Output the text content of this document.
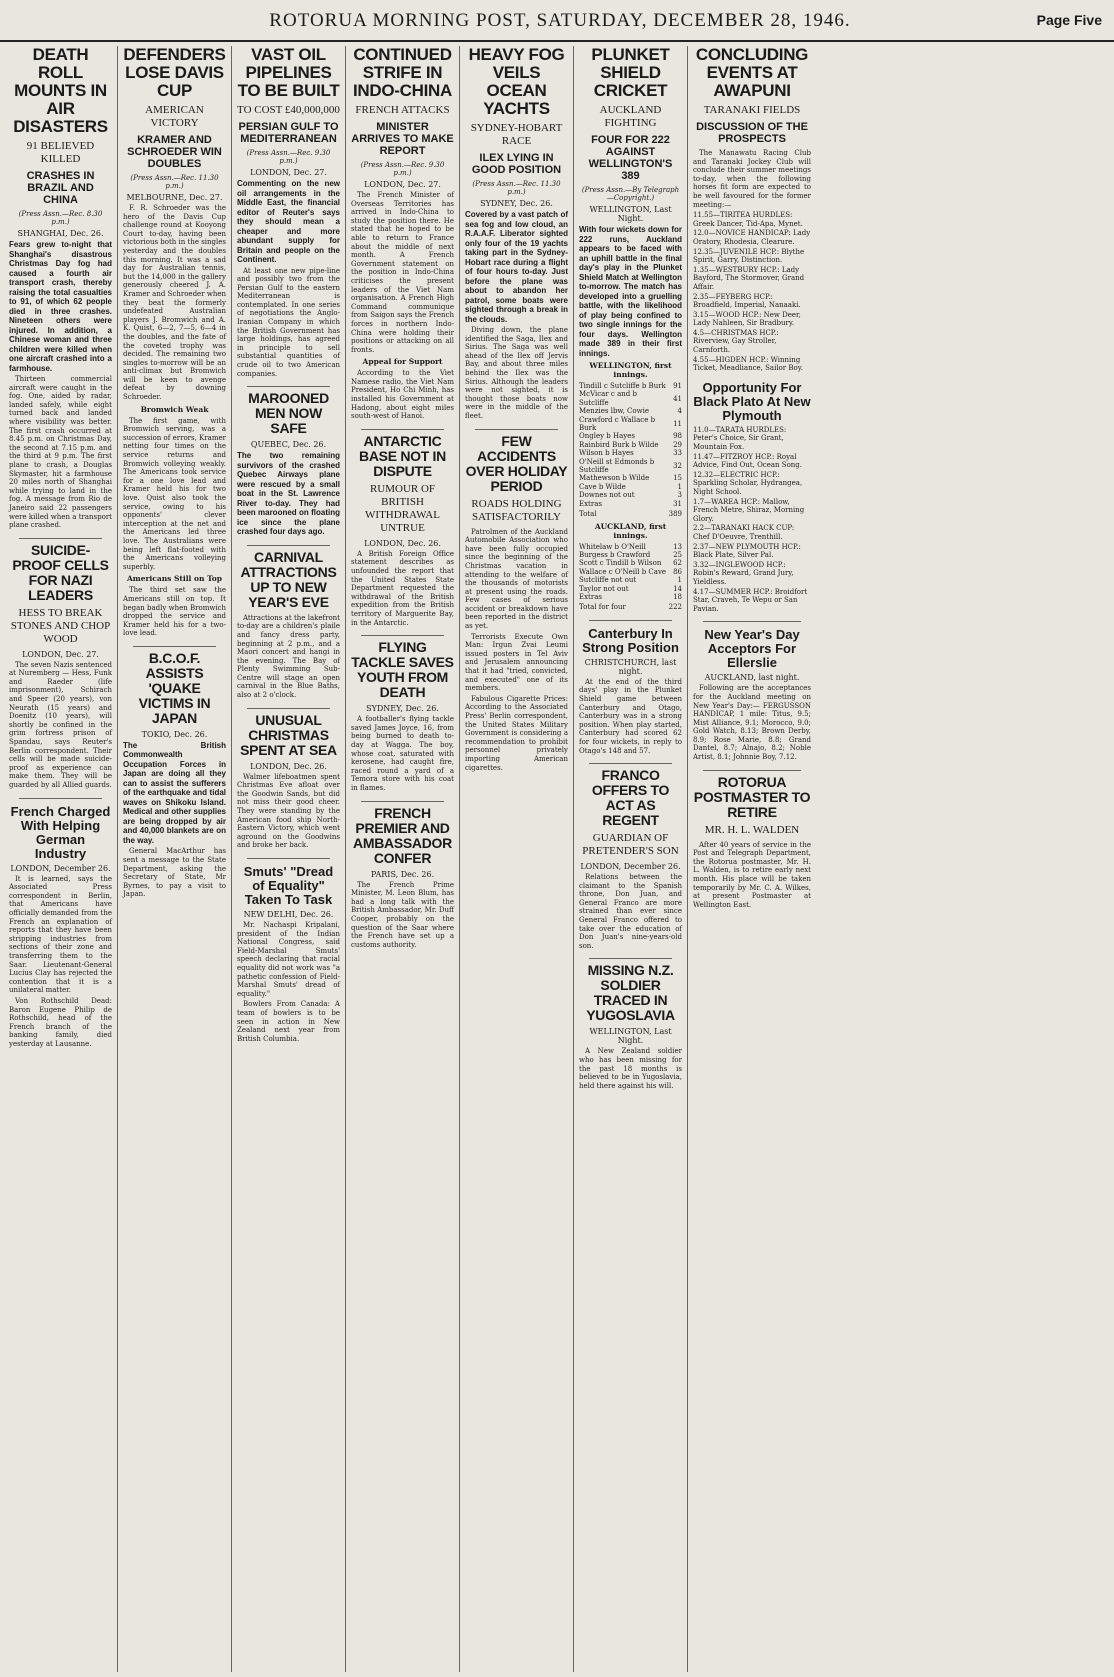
ROTORUA MORNING POST, SATURDAY, DECEMBER 28, 1946.	Page Five
DEATH ROLL MOUNTS IN AIR DISASTERS
91 BELIEVED KILLED
CRASHES IN BRAZIL AND CHINA
(Press Assn.—Rec. 8.30 p.m.)
SHANGHAI, Dec. 26.

Fears grew to-night that Shanghai's disastrous Christmas Day fog had caused a fourth air transport crash, thereby raising the total casualties to 91, of which 62 people died in three crashes. Nineteen others were injured. In addition, a Chinese woman and three children were killed when one aircraft crashed into a farmhouse.

Thirteen commercial aircraft were caught in the fog. One, aided by radar, landed safely, while eight turned back and landed where visibility was better. The first crash occurred at 8.45 p.m. on Christmas Day, the second at 7.15 p.m. and the third at 9 p.m. The first plane to crash, a Douglas Skymaster, hit a farmhouse 20 miles north of Shanghai while trying to land in the fog. A message from Rio de Janeiro said 22 passengers were killed when a transport plane crashed.

SUICIDE-PROOF CELLS FOR NAZI LEADERS
HESS TO BREAK STONES AND CHOP WOOD
LONDON, Dec. 27.

The seven Nazis sentenced at Nuremberg — Hess, Funk and Raeder (life imprisonment), Schirach and Speer (20 years), von Neurath (15 years) and Doenitz (10 years), will shortly be confined in the grim fortress prison of Spandau, says Reuter's Berlin correspondent. Their cells will be made suicide-proof as experience can make them. They will be guarded by all Allied guards.

French Charged With Helping German Industry
LONDON, December 26.

It is learned, says the Associated Press correspondent in Berlin, that Americans have officially demanded from the French an explanation of reports that they have been stripping industries from sections of their zone and transferring them to the Saar. Lieutenant-General Lucius Clay has rejected the contention that it is a unilateral matter.

Von Rothschild Dead: Baron Eugene Philip de Rothschild, head of the French branch of the banking family, died yesterday at Lausanne.

DEFENDERS LOSE DAVIS CUP
AMERICAN VICTORY
KRAMER AND SCHROEDER WIN DOUBLES
(Press Assn.—Rec. 11.30 p.m.)
MELBOURNE, Dec. 27.

F. R. Schroeder was the hero of the Davis Cup challenge round at Kooyong Court to-day, having been victorious both in the singles yesterday and the doubles this morning. It was a sad day for Australian tennis, but the 14,000 in the gallery generously cheered J. A. Kramer and Schroeder when they beat the formerly undefeated Australian players J. Bromwich and A. K. Quist, 6—2, 7—5, 6—4 in the doubles, and the fate of the coveted trophy was decided. The remaining two singles to-morrow will be an anti-climax but Bromwich will be keen to avenge defeat by downing Schroeder.

Bromwich Weak

The first game, with Bromwich serving, was a succession of errors, Kramer netting four times on the service returns and Bromwich volleying weakly. The Americans took service for a one love lead and Kramer held his for two love. Quist also took the service, owing to his opponents' clever interception at the net and the Americans led three love. The Australians were being left flat-footed with the Americans volleying superbly.

Americans Still on Top

The third set saw the Americans still on top. It began badly when Bromwich dropped the service and Kramer held his for a two-love lead.

B.C.O.F. ASSISTS 'QUAKE VICTIMS IN JAPAN
TOKIO, Dec. 26.

The British Commonwealth Occupation Forces in Japan are doing all they can to assist the sufferers of the earthquake and tidal waves on Shikoku Island. Medical and other supplies are being dropped by air and 40,000 blankets are on the way.

General MacArthur has sent a message to the State Department, asking the Secretary of State, Mr Byrnes, to pay a visit to Japan.

VAST OIL PIPELINES TO BE BUILT
TO COST £40,000,000
PERSIAN GULF TO MEDITERRANEAN
(Press Assn.—Rec. 9.30 p.m.)
LONDON, Dec. 27.

Commenting on the new oil arrangements in the Middle East, the financial editor of Reuter's says they should mean a cheaper and more abundant supply for Britain and people on the Continent.

At least one new pipe-line and possibly two from the Persian Gulf to the eastern Mediterranean is contemplated. In one series of negotiations the Anglo-Iranian Company in which the British Government has large holdings, has agreed in principle to sell substantial quantities of crude oil to two American companies.

MAROONED MEN NOW SAFE
QUEBEC, Dec. 26.

The two remaining survivors of the crashed Quebec Airways plane were rescued by a small boat in the St. Lawrence River to-day. They had been marooned on floating ice since the plane crashed four days ago.

CARNIVAL ATTRACTIONS UP TO NEW YEAR'S EVE

Attractions at the lakefront to-day are a children's plaile and fancy dress party, beginning at 2 p.m., and a Maori concert and hangi in the evening. The Bay of Plenty Swimming Sub-Centre will stage an open carnival in the Blue Baths, also at 2 o'clock.

UNUSUAL CHRISTMAS SPENT AT SEA
LONDON, Dec. 26.

Walmer lifeboatmen spent Christmas Eve afloat over the Goodwin Sands, but did not miss their good cheer. They were standing by the American food ship North-Eastern Victory, which went aground on the Goodwins and broke her back.

Smuts' "Dread of Equality" Taken To Task
NEW DELHI, Dec. 26.

Mr. Nachaspi Kripalani, president of the Indian National Congress, said Field-Marshal Smuts' speech declaring that racial equality did not work was "a pathetic confession of Field-Marshal Smuts' dread of equality."

Bowlers From Canada: A team of bowlers is to be seen in action in New Zealand next year from British Columbia.

CONTINUED STRIFE IN INDO-CHINA
FRENCH ATTACKS
MINISTER ARRIVES TO MAKE REPORT
(Press Assn.—Rec. 9.30 p.m.)
LONDON, Dec. 27.

The French Minister of Overseas Territories has arrived in Indo-China to study the position there. He stated that he hoped to be able to return to France about the middle of next month. A French Government statement on the position in Indo-China criticises the present leaders of the Viet Nam organisation. A French High Command communique from Saigon says the French forces in northern Indo-China were holding their positions or attacking on all fronts.

Appeal for Support

According to the Viet Namese radio, the Viet Nam President, Ho Chi Minh, has installed his Government at Hadong, about eight miles south-west of Hanoi.

ANTARCTIC BASE NOT IN DISPUTE
RUMOUR OF BRITISH WITHDRAWAL UNTRUE
LONDON, Dec. 26.

A British Foreign Office statement describes as unfounded the report that the United States State Department requested the withdrawal of the British expedition from the British territory of Marguerite Bay, in the Antarctic.

FLYING TACKLE SAVES YOUTH FROM DEATH
SYDNEY, Dec. 26.

A footballer's flying tackle saved James Joyce, 16, from being burned to death to-day at Wagga. The boy, whose coat, saturated with kerosene, had caught fire, raced round a yard of a Temora store with his coat in flames.

FRENCH PREMIER AND AMBASSADOR CONFER
PARIS, Dec. 26.

The French Prime Minister, M. Leon Blum, has had a long talk with the British Ambassador, Mr. Duff Cooper, probably on the question of the Saar where the French have set up a customs authority.

HEAVY FOG VEILS OCEAN YACHTS
SYDNEY-HOBART RACE
ILEX LYING IN GOOD POSITION
(Press Assn.—Rec. 11.30 p.m.)
SYDNEY, Dec. 26.

Covered by a vast patch of sea fog and low cloud, an R.A.A.F. Liberator sighted only four of the 19 yachts taking part in the Sydney-Hobart race during a flight of four hours to-day. Just before the plane was about to abandon her patrol, some boats were sighted through a break in the clouds.

Diving down, the plane identified the Saga, Ilex and Sirius. The Saga was well ahead of the Ilex off Jervis Bay, and about three miles behind the Ilex was the Sirius. Although the leaders were not sighted, it is thought those boats now were in the middle of the fleet.

FEW ACCIDENTS OVER HOLIDAY PERIOD
ROADS HOLDING SATISFACTORILY

Patrolmen of the Auckland Automobile Association who have been fully occupied since the beginning of the Christmas vacation in attending to the welfare of the thousands of motorists at present using the roads. Few cases of serious accident or breakdown have been reported in the district as yet.

Terrorists Execute Own Man: Irgun Zvai Leumi issued posters in Tel Aviv and Jerusalem announcing that it had "tried, convicted, and executed" one of its members.

Fabulous Cigarette Prices: According to the Associated Press' Berlin correspondent, the United States Military Government is considering a recommendation to prohibit personnel privately importing American cigarettes.

PLUNKET SHIELD CRICKET
AUCKLAND FIGHTING
FOUR FOR 222 AGAINST WELLINGTON'S 389
(Press Assn.—By Telegraph—Copyright.)
WELLINGTON, Last Night.

With four wickets down for 222 runs, Auckland appears to be faced with an uphill battle in the final day's play in the Plunket Shield Match at Wellington to-morrow. The match has developed into a gruelling battle, with the likelihood of play being confined to two single innings for the four days. Wellington made 389 in their first innings.

WELLINGTON, first innings.
Tindill c Sutcliffe b Burk	91
McVicar c and b Sutcliffe	41
Menzies lbw, Cowie	4
Crawford c Wallace b Burk	11
Ongley b Hayes	98
Rainbird Burk b Wilde	29
Wilson b Hayes	33
O'Neill st Edmonds b Sutcliffe	32
Mathewson b Wilde	15
Cave b Wilde	1
Downes not out	3
Extras	31
Total	389
AUCKLAND, first innings.
Whitelaw b O'Neill	13
Burgess b Crawford	25
Scott c Tindill b Wilson	62
Wallace c O'Neill b Cave	86
Sutcliffe not out	1
Taylor not out	14
Extras	18
Total for four	222
Canterbury In Strong Position
CHRISTCHURCH, last night.

At the end of the third days' play in the Plunket Shield game between Canterbury and Otago, Canterbury was in a strong position. When play started, Canterbury had scored 62 for four wickets, in reply to Otago's 148 and 57.

FRANCO OFFERS TO ACT AS REGENT
GUARDIAN OF PRETENDER'S SON
LONDON, December 26.

Relations between the claimant to the Spanish throne, Don Juan, and General Franco are more strained than ever since General Franco offered to take over the education of Don Juan's nine-years-old son.

MISSING N.Z. SOLDIER TRACED IN YUGOSLAVIA
WELLINGTON, Last Night.

A New Zealand soldier who has been missing for the past 18 months is believed to be in Yugoslavia, held there against his will.

CONCLUDING EVENTS AT AWAPUNI
TARANAKI FIELDS
DISCUSSION OF THE PROSPECTS

The Manawatu Racing Club and Taranaki Jockey Club will conclude their summer meetings to-day, when the following horses fit form are expected to be well favoured for the former meeting:—

11.55—TIRITEA HURDLES: Greek Dancer, Tid-Apa, Mynet.
12.0—NOVICE HANDICAP: Lady Oratory, Rhodesia, Clearure.
12.35—JUVENILE HCP.: Blythe Spirit, Garry, Distinction.
1.35—WESTBURY HCP.: Lady Bayford, The Stormover, Grand Affair.
2.35—FEYBERG HCP.: Broadfield, Imperial, Nanaaki.
3.15—WOOD HCP.: New Deer, Lady Nahleen, Sir Bradbury.
4.5—CHRISTMAS HCP.: Riverview, Gay Stroller, Carnforth.
4.55—HIGDEN HCP.: Winning Ticket, Meadliance, Sailor Boy.
Opportunity For Black Plato At New Plymouth
11.0—TARATA HURDLES: Peter's Choice, Sir Grant, Mountain Fox.
11.47—FITZROY HCP.: Royal Advice, Find Out, Ocean Song.
12.32—ELECTRIC HCP.: Sparkling Scholar, Hydrangea, Night School.
1.7—WAREA HCP.: Mallow, French Metre, Shiraz, Morning Glory.
2.2—TARANAKI HACK CUP: Chef D'Oeuvre, Trenthill.
2.37—NEW PLYMOUTH HCP.: Black Plate, Silver Pal.
3.32—INGLEWOOD HCP.: Robin's Reward, Grand Jury, Yieldless.
4.17—SUMMER HCP.: Broidfort Star, Craveh, Te Wepu or San Pavian.
New Year's Day Acceptors For Ellerslie
AUCKLAND, last night.

Following are the acceptances for the Auckland meeting on New Year's Day:— FERGUSSON HANDICAP, 1 mile: Titus, 9.5; Mist Alliance, 9.1; Morocco, 9.0; Gold Watch, 8.13; Brown Derby, 8.9; Rose Marie, 8.8; Grand Dantel, 8.7; Alnajo, 8.2; Noble Artist, 8.1; Johnnie Boy, 7.12.

ROTORUA POSTMASTER TO RETIRE
MR. H. L. WALDEN

After 40 years of service in the Post and Telegraph Department, the Rotorua postmaster, Mr. H. L. Walden, is to retire early next month. His place will be taken temporarily by Mr. C. A. Wilkes, at present Postmaster at Wellington East.
